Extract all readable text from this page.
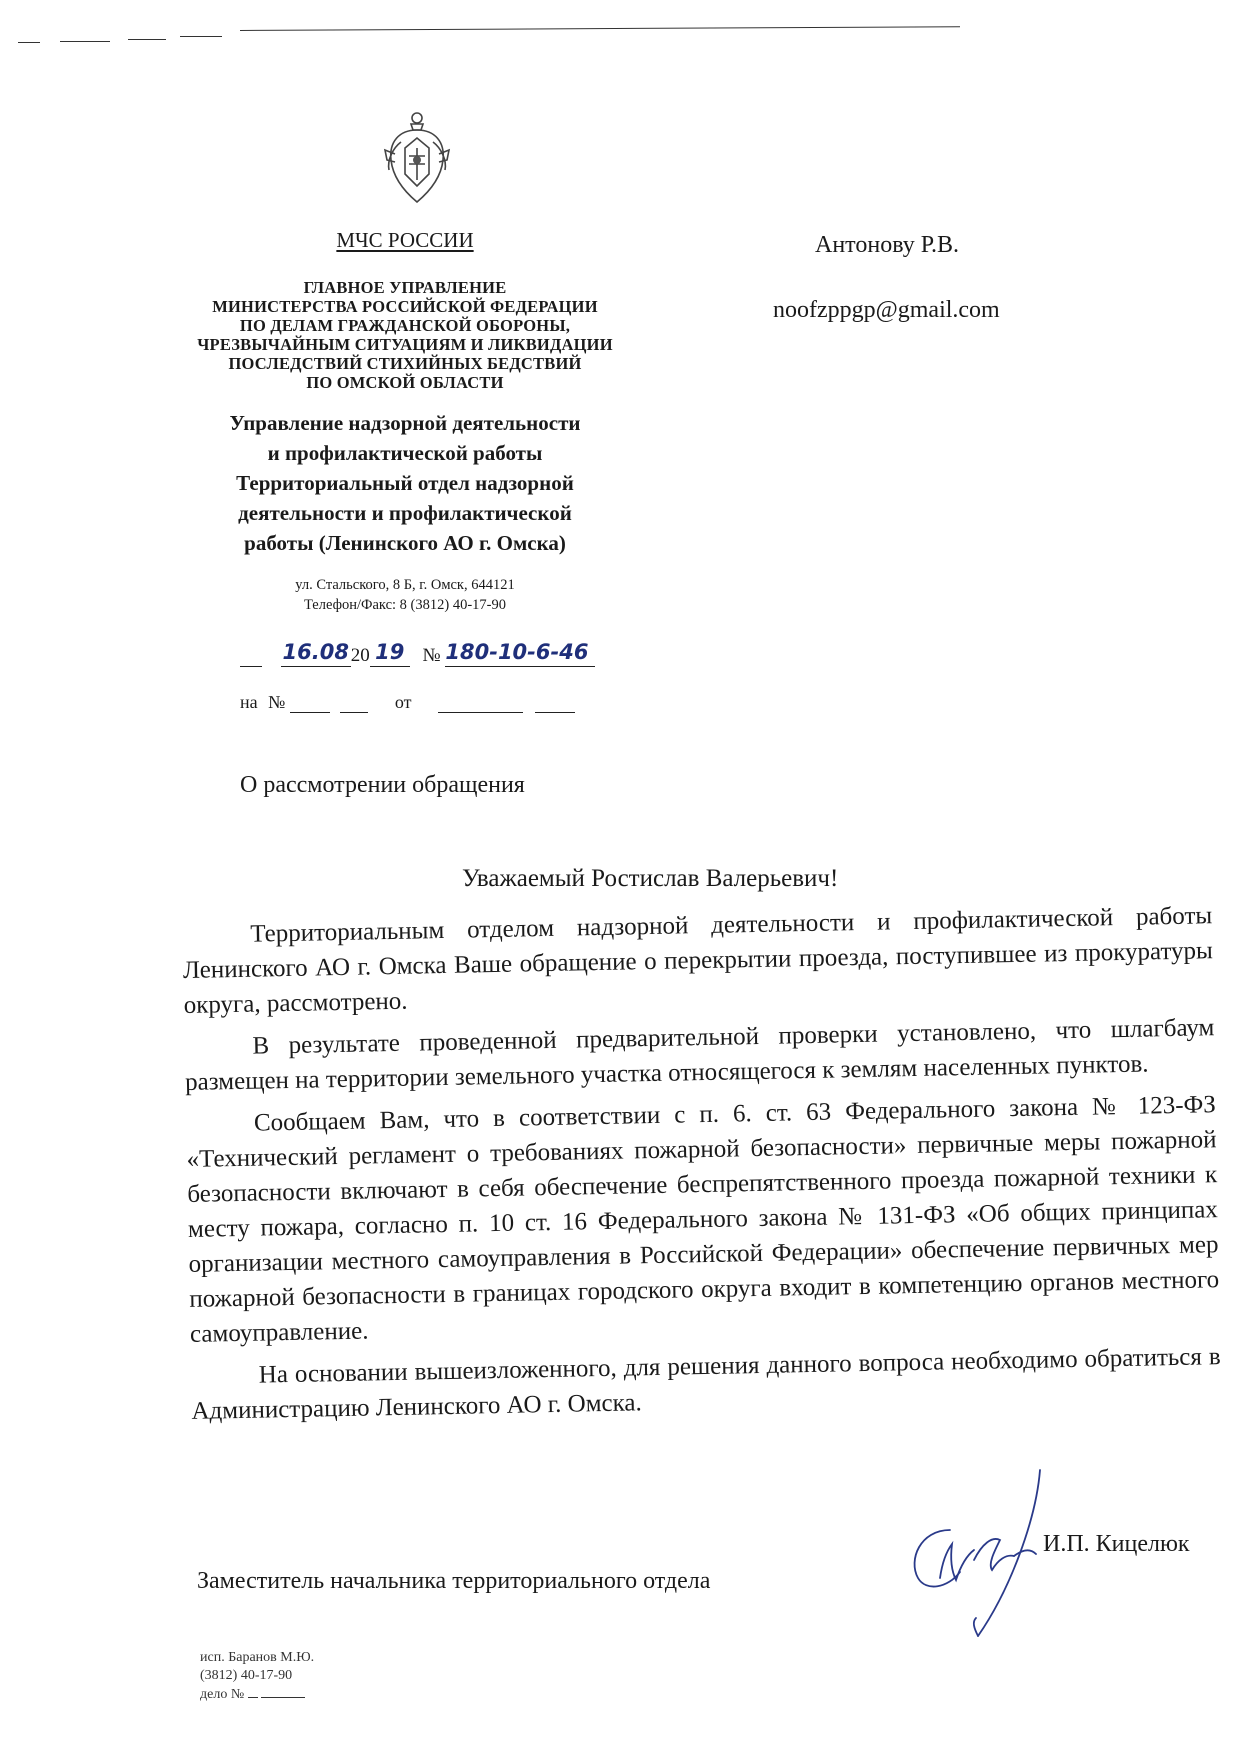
МЧС РОССИИ
ГЛАВНОЕ УПРАВЛЕНИЕ
МИНИСТЕРСТВА РОССИЙСКОЙ ФЕДЕРАЦИИ
ПО ДЕЛАМ ГРАЖДАНСКОЙ ОБОРОНЫ,
ЧРЕЗВЫЧАЙНЫМ СИТУАЦИЯМ И ЛИКВИДАЦИИ
ПОСЛЕДСТВИЙ СТИХИЙНЫХ БЕДСТВИЙ
ПО ОМСКОЙ ОБЛАСТИ
Управление надзорной деятельности
и профилактической работы
Территориальный отдел надзорной
деятельности и профилактической
работы (Ленинского АО г. Омска)
ул. Стальского, 8 Б, г. Омск, 644121
Телефон/Факс: 8 (3812) 40-17-90
16.0820 19 № 180-10-6-46
на №	от
Антонову Р.В.
noofzppgp@gmail.com
О рассмотрении обращения
Уважаемый Ростислав Валерьевич!

Территориальным отделом надзорной деятельности и профилактической работы Ленинского АО г. Омска Ваше обращение о перекрытии проезда, поступившее из прокуратуры округа, рассмотрено.

В результате проведенной предварительной проверки установлено, что шлагбаум размещен на территории земельного участка относящегося к землям населенных пунктов.

Сообщаем Вам, что в соответствии с п. 6. ст. 63 Федерального закона № 123-ФЗ «Технический регламент о требованиях пожарной безопасности» первичные меры пожарной безопасности включают в себя обеспечение беспрепятственного проезда пожарной техники к месту пожара, согласно п. 10 ст. 16 Федерального закона № 131-ФЗ «Об общих принципах организации местного самоуправления в Российской Федерации» обеспечение первичных мер пожарной безопасности в границах городского округа входит в компетенцию органов местного самоуправление.

На основании вышеизложенного, для решения данного вопроса необходимо обратиться в Администрацию Ленинского АО г. Омска.

Заместитель начальника территориального отдела
И.П. Кицелюк
исп. Баранов М.Ю.
(3812) 40-17-90
дело №
